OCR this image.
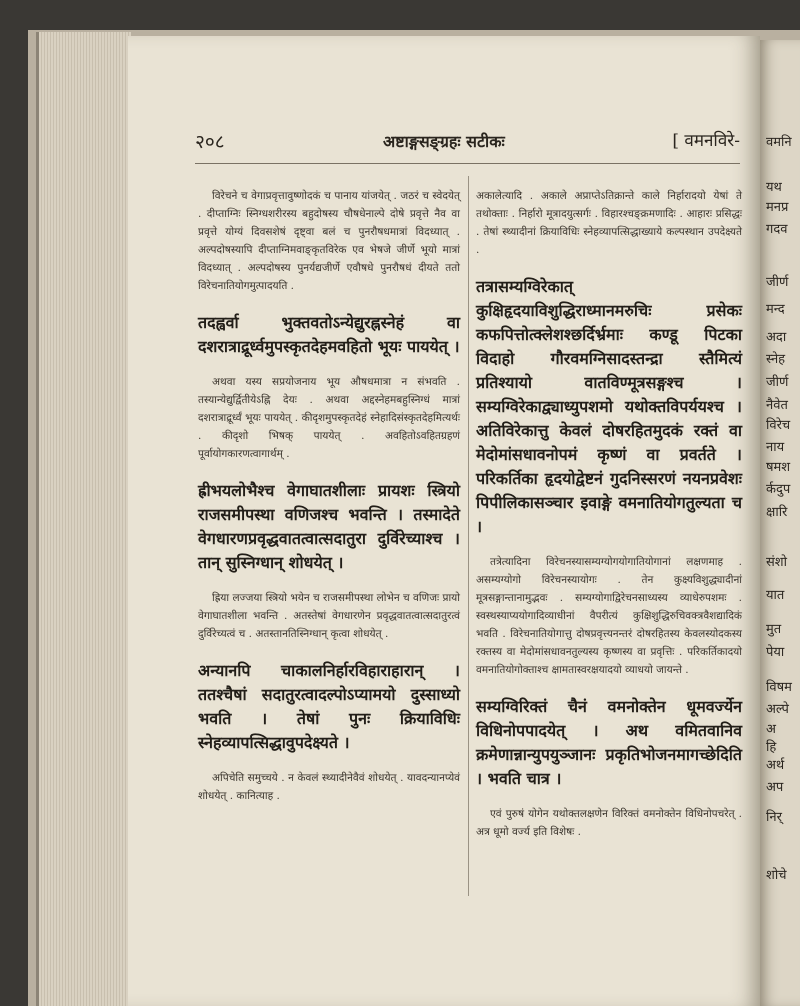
२०८	अष्टाङ्गसङ्ग्रहः सटीकः	[ वमनविरे-

विरेचने च वेगाप्रवृत्तावुष्णोदकं च पानाय यांजयेत् . जठरं च स्वेदयेत् . दीप्ताग्निः स्निग्धशरीरस्य बहुदोषस्य चौषधेनाल्पे दोषे प्रवृत्ते नैव वा प्रवृत्ते योग्यं दिवसशेषं दृष्ट्वा बलं च पुनरौषधमात्रां विदध्यात् . अल्पदोषस्यापि दीप्ताग्निमवाङ्कृतविरेक एव भेषजे जीर्णे भूयो मात्रां विदध्यात् . अल्पदोषस्य पुनर्यद्यजीर्णे एवौषधे पुनरौषधं दीयते ततो विरेचनातियोगमुत्पादयति .

तदह्वर्वा भुक्तवतोऽन्येद्युरह्नस्नेहं वा दशरात्राद्रूर्ध्वमुपस्कृतदेहमवहितो भूयः पाययेत् ।

अथवा यस्य सप्रयोजनाय भूय औषधमात्रा न संभवति . तस्यान्येद्युर्द्वितीयेऽह्नि देयः . अथवा अद्दस्नेहमबहुस्निग्धं मात्रां दशरात्राद्रूर्ध्वं भूयः पाययेत् . कीदृशमुपस्कृतदेहं स्नेहादिसंस्कृतदेहमित्यर्थः . कीदृशो भिषक् पाययेत् . अवहितोऽवहितग्रहणं पूर्वायोगकारणत्वागार्थम् .

ह्रीभयलोभैश्च वेगाघातशीलाः प्रायशः स्त्रियो राजसमीपस्था वणिजश्च भवन्ति । तस्मादेते वेगधारणप्रवृद्धवातत्वात्सदातुरा दुर्विरेच्याश्च । तान् सुस्निग्धान् शोधयेत् ।

ह्रिया लज्जया स्त्रियो भयेन च राजसमीपस्था लोभेन च वणिजः प्रायो वेगाघातशीला भवन्ति . अतस्तेषां वेगधारणेन प्रवृद्धवातत्वात्सदातुरत्वं दुर्विरेच्यत्वं च . अतस्तानतिस्निग्धान् कृत्वा शोधयेत् .

अन्यानपि चाकालनिर्हारविहाराहारान् । ततश्चैषां सदातुरत्वादल्पोऽप्यामयो दुस्साध्यो भवति । तेषां पुनः क्रियाविधिः स्नेहव्यापत्सिद्धावुपदेक्ष्यते ।

अपिचेति समुच्चये . न केवलं स्थ्यादीनेवैवं शोधयेत् . यावदन्यानप्येवं शोधयेत् . कानित्याह .

अकालेत्यादि . अकाले अप्राप्तेऽतिक्रान्ते काले निर्हारादयो येषां ते तथोक्ताः . निर्हारो मूत्रादयुत्सर्गः . विहारश्चङ्क्रमणादिः . आहारः प्रसिद्धः . तेषां स्थ्यादीनां क्रियाविधिः स्नेहव्यापत्सिद्धाख्याये कल्पस्थान उपदेक्ष्यते .

तत्रासम्यग्विरेकात् कुक्षिहृदयाविशुद्धिराध्मानमरुचिः प्रसेकः कफपित्तोत्क्लेशश्छर्दिर्भ्रमाः कण्डू पिटका विदाहो गौरवमग्निसादस्तन्द्रा स्तैमित्यं प्रतिश्यायो वातविण्मूत्रसङ्गश्च । सम्यग्विरेकाद्व्याध्युपशमो यथोक्तविपर्ययश्च । अतिविरेकात्तु केवलं दोषरहितमुदकं रक्तं वा मेदोमांसधावनोपमं कृष्णं वा प्रवर्तते । परिकर्तिका हृदयोद्वेष्टनं गुदनिस्सरणं नयनप्रवेशः पिपीलिकासञ्चार इवाङ्गे वमनातियोगतुल्यता च ।

तत्रेत्यादिना विरेचनस्यासम्यग्योगयोगातियोगानां लक्षणमाह . असम्यग्योगो विरेचनस्यायोगः . तेन कुक्ष्यविशुद्ध्यादीनां मूत्रसङ्गान्तानामुद्भवः . सम्यग्योगाद्विरेचनसाध्यस्य व्याधेरुपशमः . स्वस्थस्याप्ययोगादिव्याधीनां वैपरीत्यं कुक्षिशुद्धिरुचिवक्त्रवैशद्यादिकं भवति . विरेचनातियोगात्तु दोषप्रवृत्त्यनन्तरं दोषरहितस्य केवलस्योदकस्य रक्तस्य वा मेदोमांसधावनतुल्यस्य कृष्णस्य वा प्रवृत्तिः . परिकर्तिकादयो वमनातियोगोक्ताश्च क्षामतास्वरक्षयादयो व्याधयो जायन्ते .

सम्यग्विरिक्तं चैनं वमनोक्तेन धूमवर्ज्येन विधिनोपपादयेत् । अथ वमितवानिव क्रमेणान्नान्युपयुञ्जानः प्रकृतिभोजनमागच्छेदिति । भवति चात्र ।

एवं पुरुषं योगेन यथोक्तलक्षणेन विरिक्तं वमनोक्तेन विधिनोपचरेत् . अत्र धूमो वर्ज्य इति विशेषः .

वमनि
यथ
मनप्र
गदव
जीर्ण
मन्द
अदा
स्नेह
जीर्ण
नैवेत
विरेच
नाय
षमश
र्कदुप
क्षारि
संशो
यात
मुत
पेया
विषम
अल्पे
अ
हि
अर्थ
अप
निर्
शोचे
